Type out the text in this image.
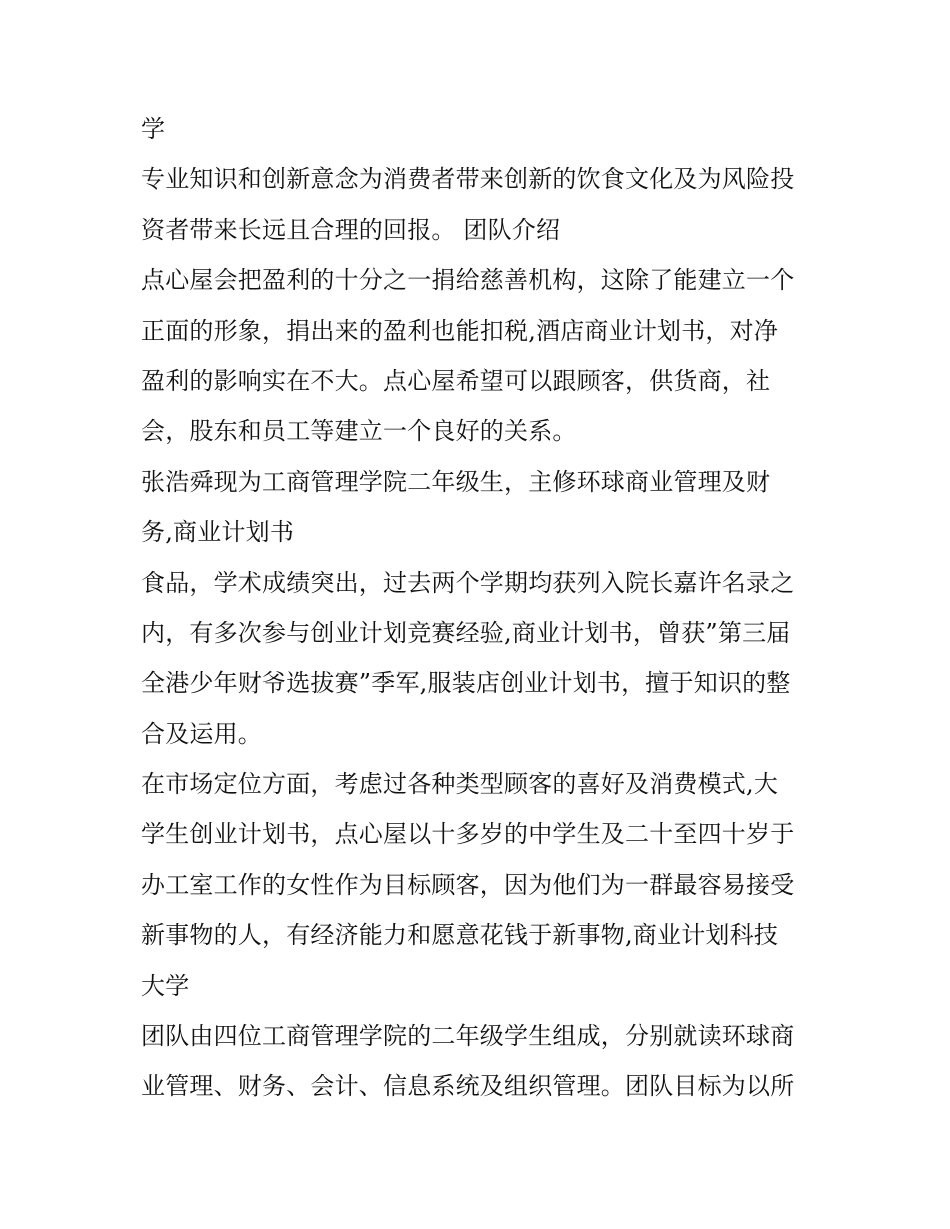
学
专业知识和创新意念为消费者带来创新的饮食文化及为风险投
资者带来长远且合理的回报。 团队介绍
点心屋会把盈利的十分之一捐给慈善机构，这除了能建立一个
正面的形象，捐出来的盈利也能扣税,酒店商业计划书，对净
盈利的影响实在不大。点心屋希望可以跟顾客，供货商，社
会，股东和员工等建立一个良好的关系。
张浩舜现为工商管理学院二年级生，主修环球商业管理及财
务,商业计划书
食品，学术成绩突出，过去两个学期均获列入院长嘉许名录之
内，有多次参与创业计划竞赛经验,商业计划书，曾获”第三届
全港少年财爷选拔赛”季军,服装店创业计划书，擅于知识的整
合及运用。
在市场定位方面，考虑过各种类型顾客的喜好及消费模式,大
学生创业计划书，点心屋以十多岁的中学生及二十至四十岁于
办工室工作的女性作为目标顾客，因为他们为一群最容易接受
新事物的人，有经济能力和愿意花钱于新事物,商业计划科技
大学
团队由四位工商管理学院的二年级学生组成，分别就读环球商
业管理、财务、会计、信息系统及组织管理。团队目标为以所
